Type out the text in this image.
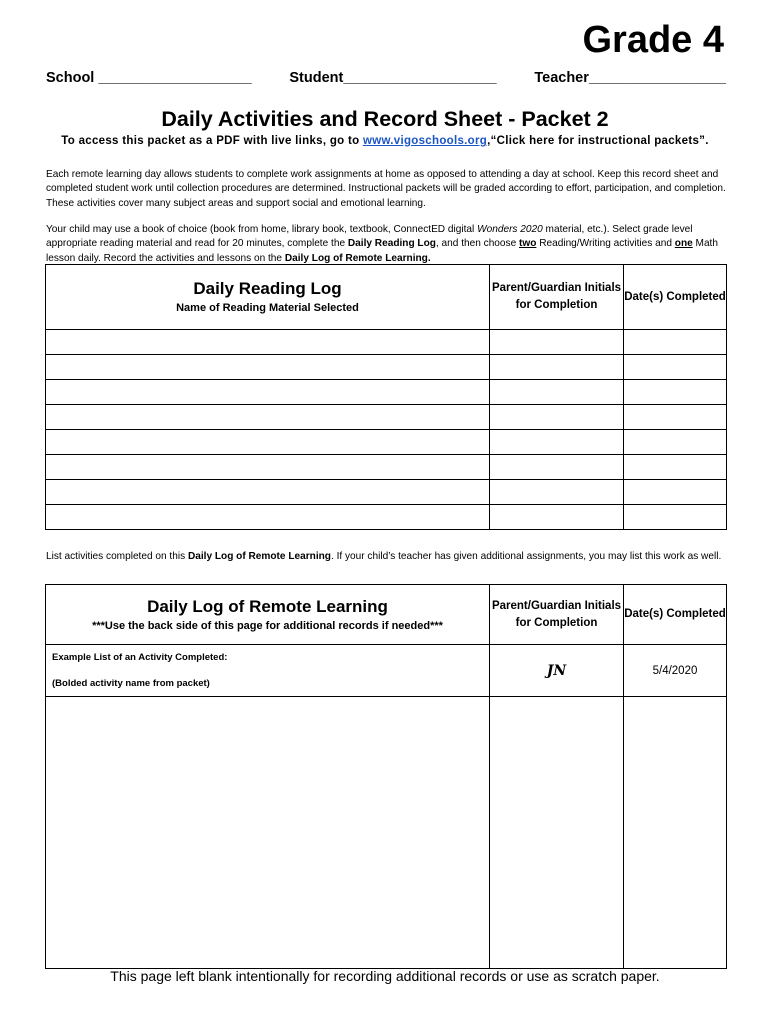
Grade 4
School ___________________	Student___________________	Teacher_________________
Daily Activities and Record Sheet - Packet 2
To access this packet as a PDF with live links, go to www.vigoschools.org,“Click here for instructional packets”.
Each remote learning day allows students to complete work assignments at home as opposed to attending a day at school. Keep this record sheet and completed student work until collection procedures are determined. Instructional packets will be graded according to effort, participation, and completion. These activities cover many subject areas and support social and emotional learning.
Your child may use a book of choice (book from home, library book, textbook, ConnectED digital Wonders 2020 material, etc.). Select grade level appropriate reading material and read for 20 minutes, complete the Daily Reading Log, and then choose two Reading/Writing activities and one Math lesson daily. Record the activities and lessons on the Daily Log of Remote Learning.
Daily Reading Log
Name of Reading Material Selected	Parent/Guardian Initials for Completion	Date(s) Completed

List activities completed on this Daily Log of Remote Learning. If your child’s teacher has given additional assignments, you may list this work as well.
Daily Log of Remote Learning
***Use the back side of this page for additional records if needed***	Parent/Guardian Initials for Completion	Date(s) Completed

Example List of an Activity Completed:
(Bolded activity name from packet)	JN	5/4/2020

This page left blank intentionally for recording additional records or use as scratch paper.
